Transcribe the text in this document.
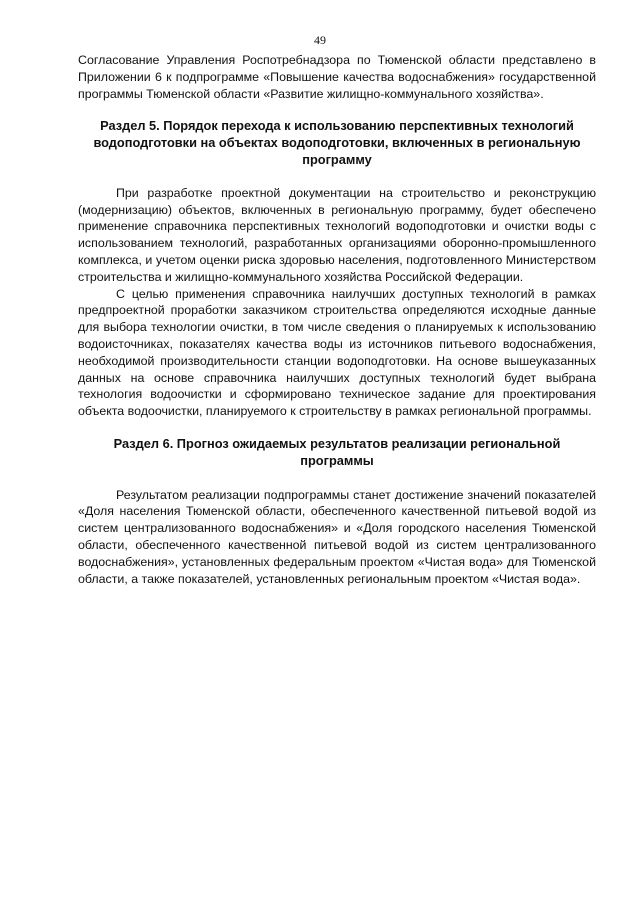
49

Согласование Управления Роспотребнадзора по Тюменской области представлено в Приложении 6 к подпрограмме «Повышение качества водоснабжения» государственной программы Тюменской области «Развитие жилищно-коммунального хозяйства».

Раздел 5. Порядок перехода к использованию перспективных технологий водоподготовки на объектах водоподготовки, включенных в региональную программу

При разработке проектной документации на строительство и реконструкцию (модернизацию) объектов, включенных в региональную программу, будет обеспечено применение справочника перспективных технологий водоподготовки и очистки воды с использованием технологий, разработанных организациями оборонно-промышленного комплекса, и учетом оценки риска здоровью населения, подготовленного Министерством строительства и жилищно-коммунального хозяйства Российской Федерации.

С целью применения справочника наилучших доступных технологий в рамках предпроектной проработки заказчиком строительства определяются исходные данные для выбора технологии очистки, в том числе сведения о планируемых к использованию водоисточниках, показателях качества воды из источников питьевого водоснабжения, необходимой производительности станции водоподготовки. На основе вышеуказанных данных на основе справочника наилучших доступных технологий будет выбрана технология водоочистки и сформировано техническое задание для проектирования объекта водоочистки, планируемого к строительству в рамках региональной программы.

Раздел 6. Прогноз ожидаемых результатов реализации региональной программы

Результатом реализации подпрограммы станет достижение значений показателей «Доля населения Тюменской области, обеспеченного качественной питьевой водой из систем централизованного водоснабжения» и «Доля городского населения Тюменской области, обеспеченного качественной питьевой водой из систем централизованного водоснабжения», установленных федеральным проектом «Чистая вода» для Тюменской области, а также показателей, установленных региональным проектом «Чистая вода».
